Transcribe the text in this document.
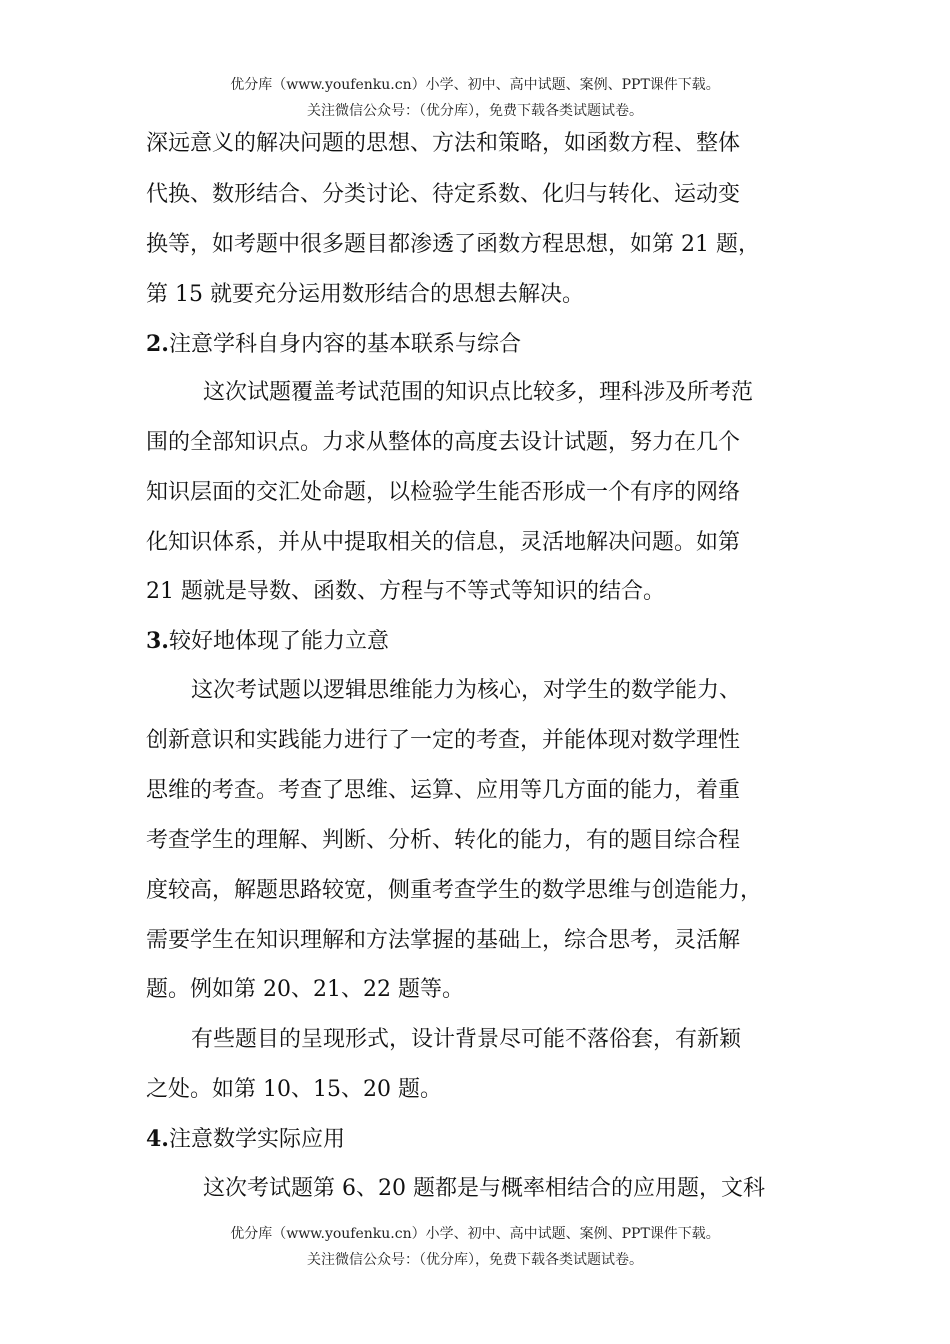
优分库（www.youfenku.cn）小学、初中、高中试题、案例、PPT课件下载。
关注微信公众号：（优分库），免费下载各类试题试卷。
深远意义的解决问题的思想、方法和策略，如函数方程、整体
代换、数形结合、分类讨论、待定系数、化归与转化、运动变
换等，如考题中很多题目都渗透了函数方程思想，如第 21 题，
第 15 就要充分运用数形结合的思想去解决。
2.注意学科自身内容的基本联系与综合
这次试题覆盖考试范围的知识点比较多，理科涉及所考范
围的全部知识点。力求从整体的高度去设计试题，努力在几个
知识层面的交汇处命题，以检验学生能否形成一个有序的网络
化知识体系，并从中提取相关的信息，灵活地解决问题。如第
21 题就是导数、函数、方程与不等式等知识的结合。
3.较好地体现了能力立意
这次考试题以逻辑思维能力为核心，对学生的数学能力、
创新意识和实践能力进行了一定的考查，并能体现对数学理性
思维的考查。考查了思维、运算、应用等几方面的能力，着重
考查学生的理解、判断、分析、转化的能力，有的题目综合程
度较高，解题思路较宽，侧重考查学生的数学思维与创造能力，
需要学生在知识理解和方法掌握的基础上，综合思考，灵活解
题。例如第 20、21、22 题等。
有些题目的呈现形式，设计背景尽可能不落俗套，有新颖
之处。如第 10、15、20 题。
4.注意数学实际应用
这次考试题第 6、20 题都是与概率相结合的应用题，文科
优分库（www.youfenku.cn）小学、初中、高中试题、案例、PPT课件下载。
关注微信公众号：（优分库），免费下载各类试题试卷。
